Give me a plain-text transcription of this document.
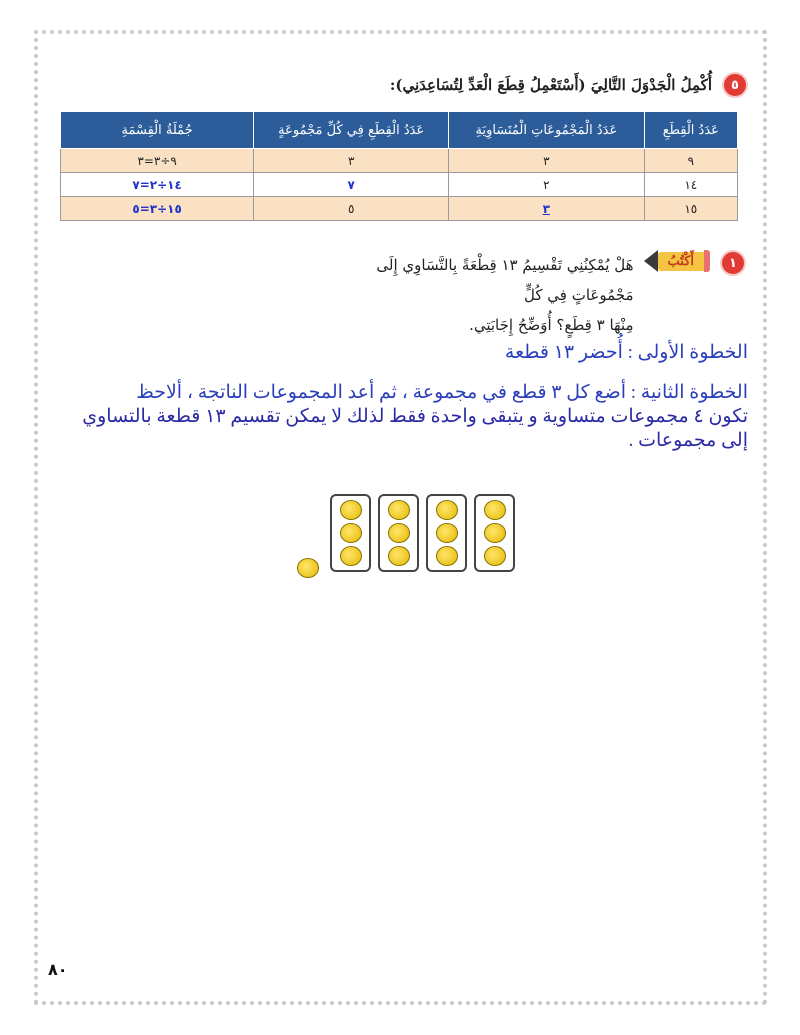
٥
أُكْمِلُ الْجَدْوَلَ التَّالِيَ (أَسْتَعْمِلُ قِطَعَ الْعَدِّ لِتُسَاعِدَنِي):
عَدَدُ الْقِطَعِ	عَدَدُ الْمَجْمُوعَاتِ الْمُتَسَاوِيَةِ	عَدَدُ الْقِطَعِ فِي كُلِّ مَجْمُوعَةٍ	جُمْلَةُ الْقِسْمَةِ
٩	٣	٣	٩÷٣=٣
١٤	٢	٧	١٤÷٢=٧
١٥	٣	٥	١٥÷٣=٥
١
أَكْتُبُ
هَلْ يُمْكِنُنِي تَقْسِيمُ ١٣ قِطْعَةً بِالتَّسَاوِي إِلَى مَجْمُوعَاتٍ فِي كُلٍّ
مِنْهَا ٣ قِطَعٍ؟ أُوَضِّحُ إِجَابَتِي.
الخطوة الأولى : أُحضر ١٣ قطعة
الخطوة الثانية : أضع كل ٣ قطع في مجموعة ، ثم أعد المجموعات الناتجة ، ألاحظ
تكون ٤ مجموعات متساوية و يتبقى واحدة فقط لذلك لا يمكن تقسيم ١٣ قطعة بالتساوي
إلى مجموعات .
٨٠
